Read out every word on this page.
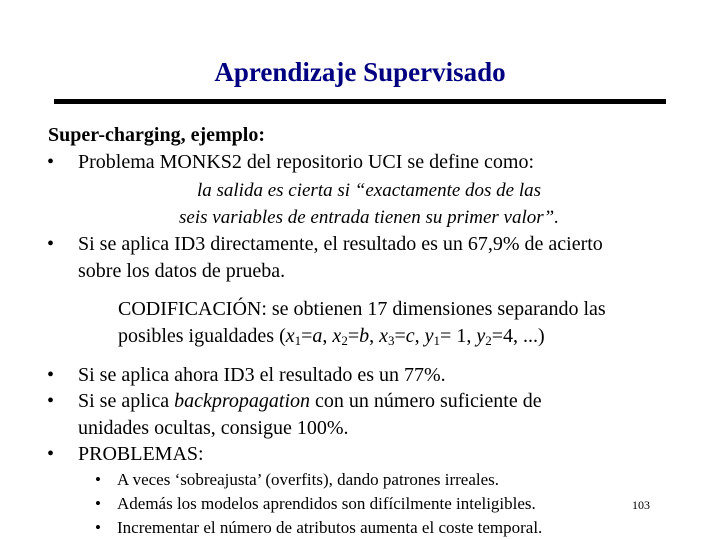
Aprendizaje Supervisado
Super-charging, ejemplo:
• Problema MONKS2 del repositorio UCI se define como:
la salida es cierta si “exactamente dos de las
seis variables de entrada tienen su primer valor”.
• Si se aplica ID3 directamente, el resultado es un 67,9% de acierto
sobre los datos de prueba.
CODIFICACIÓN: se obtienen 17 dimensiones separando las
posibles igualdades ($x_1=a$, $x_2=b$, $x_3=c$, $y_1= 1$, $y_2=4$, ...)
• Si se aplica ahora ID3 el resultado es un 77%.
• Si se aplica backpropagation con un número suficiente de
unidades ocultas, consigue 100%.
• PROBLEMAS:
• A veces ‘sobreajusta’ (overfits), dando patrones irreales.
• Además los modelos aprendidos son difícilmente inteligibles.
• Incrementar el número de atributos aumenta el coste temporal.
103
